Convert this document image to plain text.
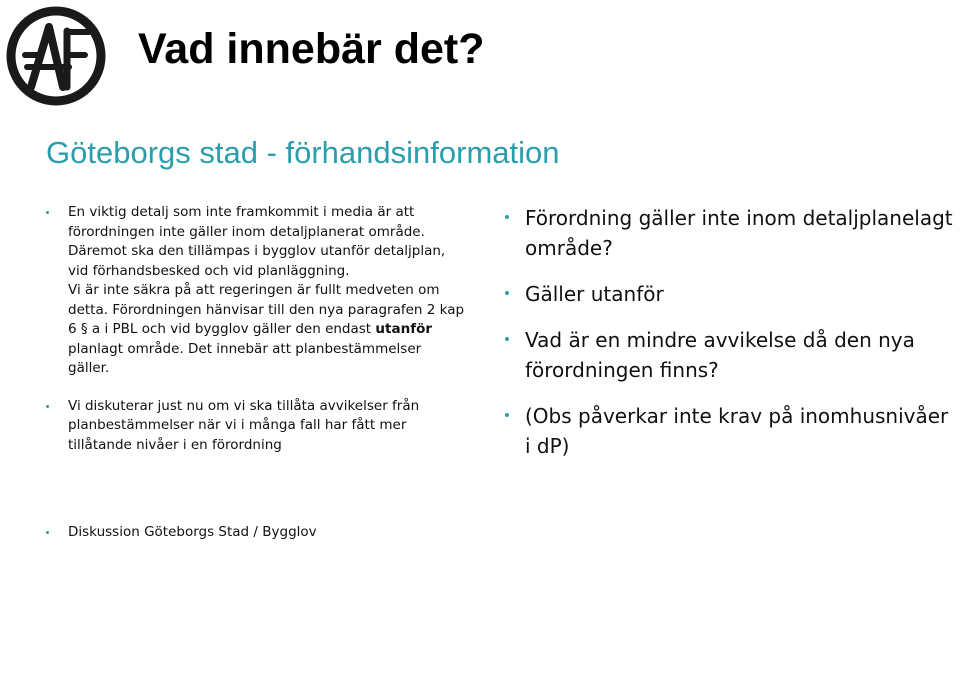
Vad innebär det?
Göteborgs stad - förhandsinformation
En viktig detalj som inte framkommit i media är att förordningen inte gäller inom detaljplanerat område. Däremot ska den tillämpas i bygglov utanför detaljplan, vid förhandsbesked och vid planläggning.
Vi är inte säkra på att regeringen är fullt medveten om detta. Förordningen hänvisar till den nya paragrafen 2 kap 6 § a i PBL och vid bygglov gäller den endast utanför planlagt område. Det innebär att planbestämmelser gäller.
Vi diskuterar just nu om vi ska tillåta avvikelser från planbestämmelser när vi i många fall har fått mer tillåtande nivåer i en förordning
Förordning gäller inte inom detaljplanelagt område?
Gäller utanför
Vad är en mindre avvikelse då den nya förordningen finns?
(Obs påverkar inte krav på inomhusnivåer i dP)
Diskussion Göteborgs Stad / Bygglov
